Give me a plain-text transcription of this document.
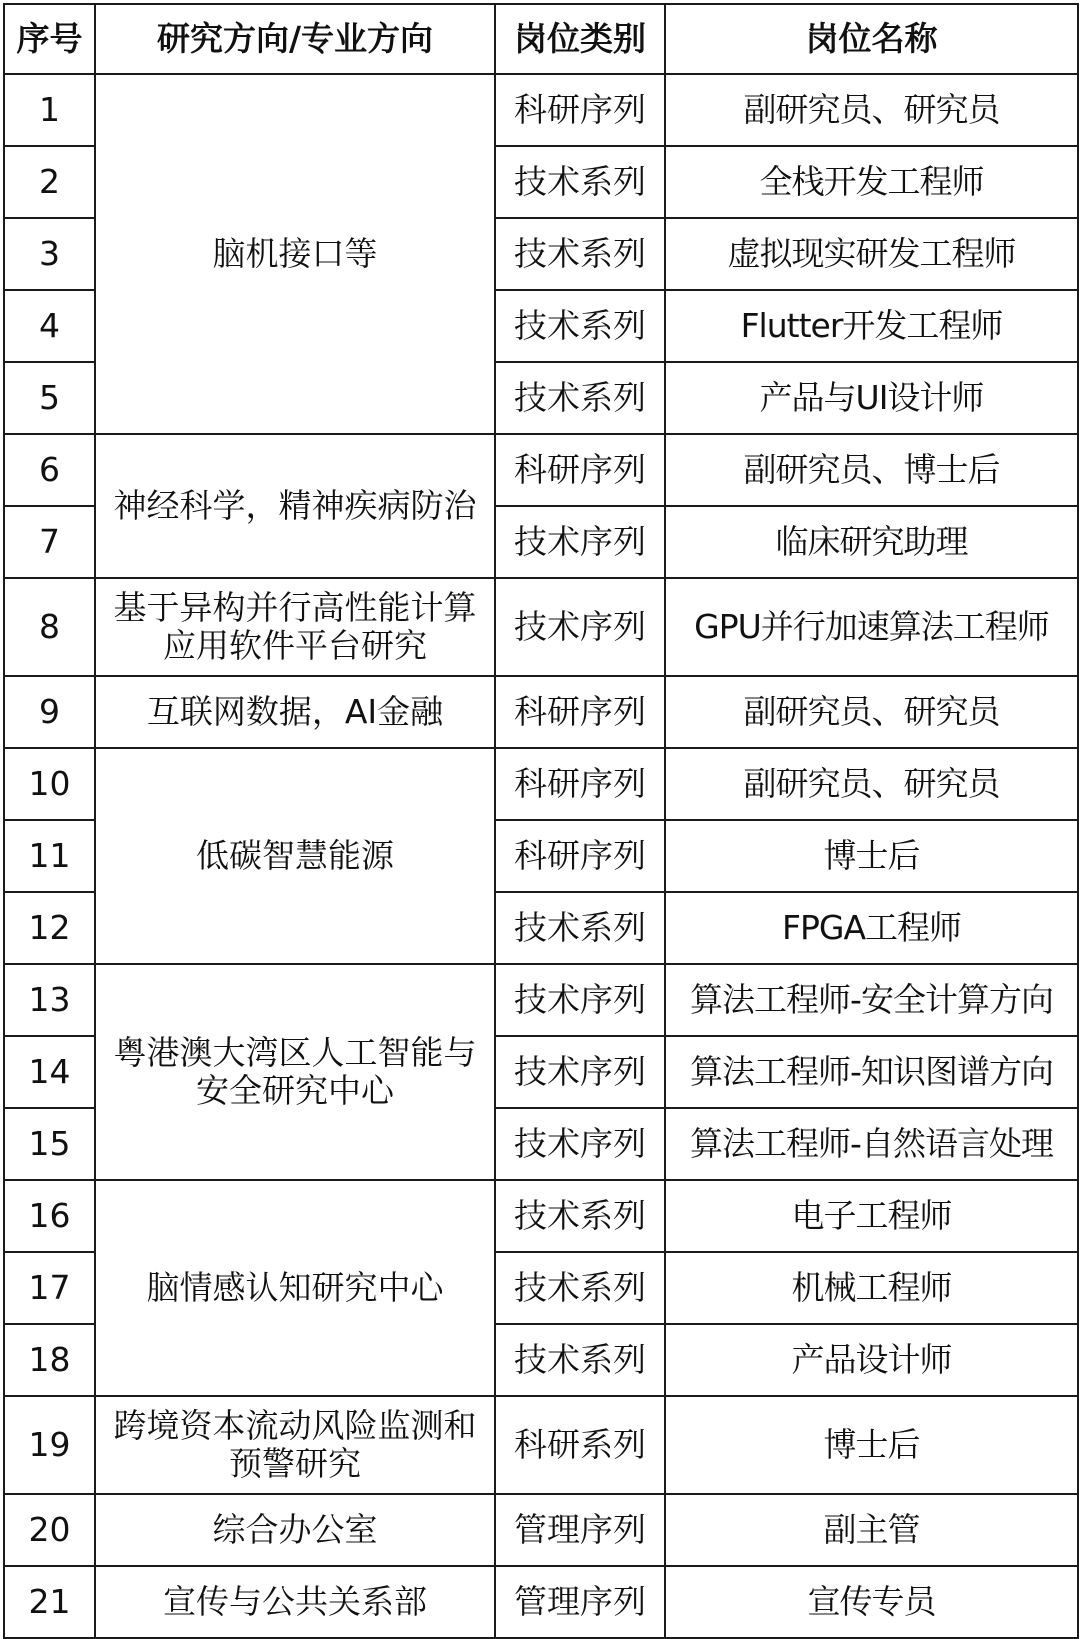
序号	研究方向/专业方向	岗位类别	岗位名称
1	脑机接口等	科研序列	副研究员、研究员
2		技术系列	全栈开发工程师
3		技术系列	虚拟现实研发工程师
4		技术系列	Flutter开发工程师
5		技术系列	产品与UI设计师
6	神经科学，精神疾病防治	科研序列	副研究员、博士后
7		技术序列	临床研究助理
8	基于异构并行高性能计算应用软件平台研究	技术序列	GPU并行加速算法工程师
9	互联网数据，AI金融	科研序列	副研究员、研究员
10	低碳智慧能源	科研序列	副研究员、研究员
11		科研序列	博士后
12		技术系列	FPGA工程师
13	粤港澳大湾区人工智能与安全研究中心	技术序列	算法工程师-安全计算方向
14		技术序列	算法工程师-知识图谱方向
15		技术序列	算法工程师-自然语言处理
16	脑情感认知研究中心	技术系列	电子工程师
17		技术系列	机械工程师
18		技术系列	产品设计师
19	跨境资本流动风险监测和预警研究	科研系列	博士后
20	综合办公室	管理序列	副主管
21	宣传与公共关系部	管理序列	宣传专员
